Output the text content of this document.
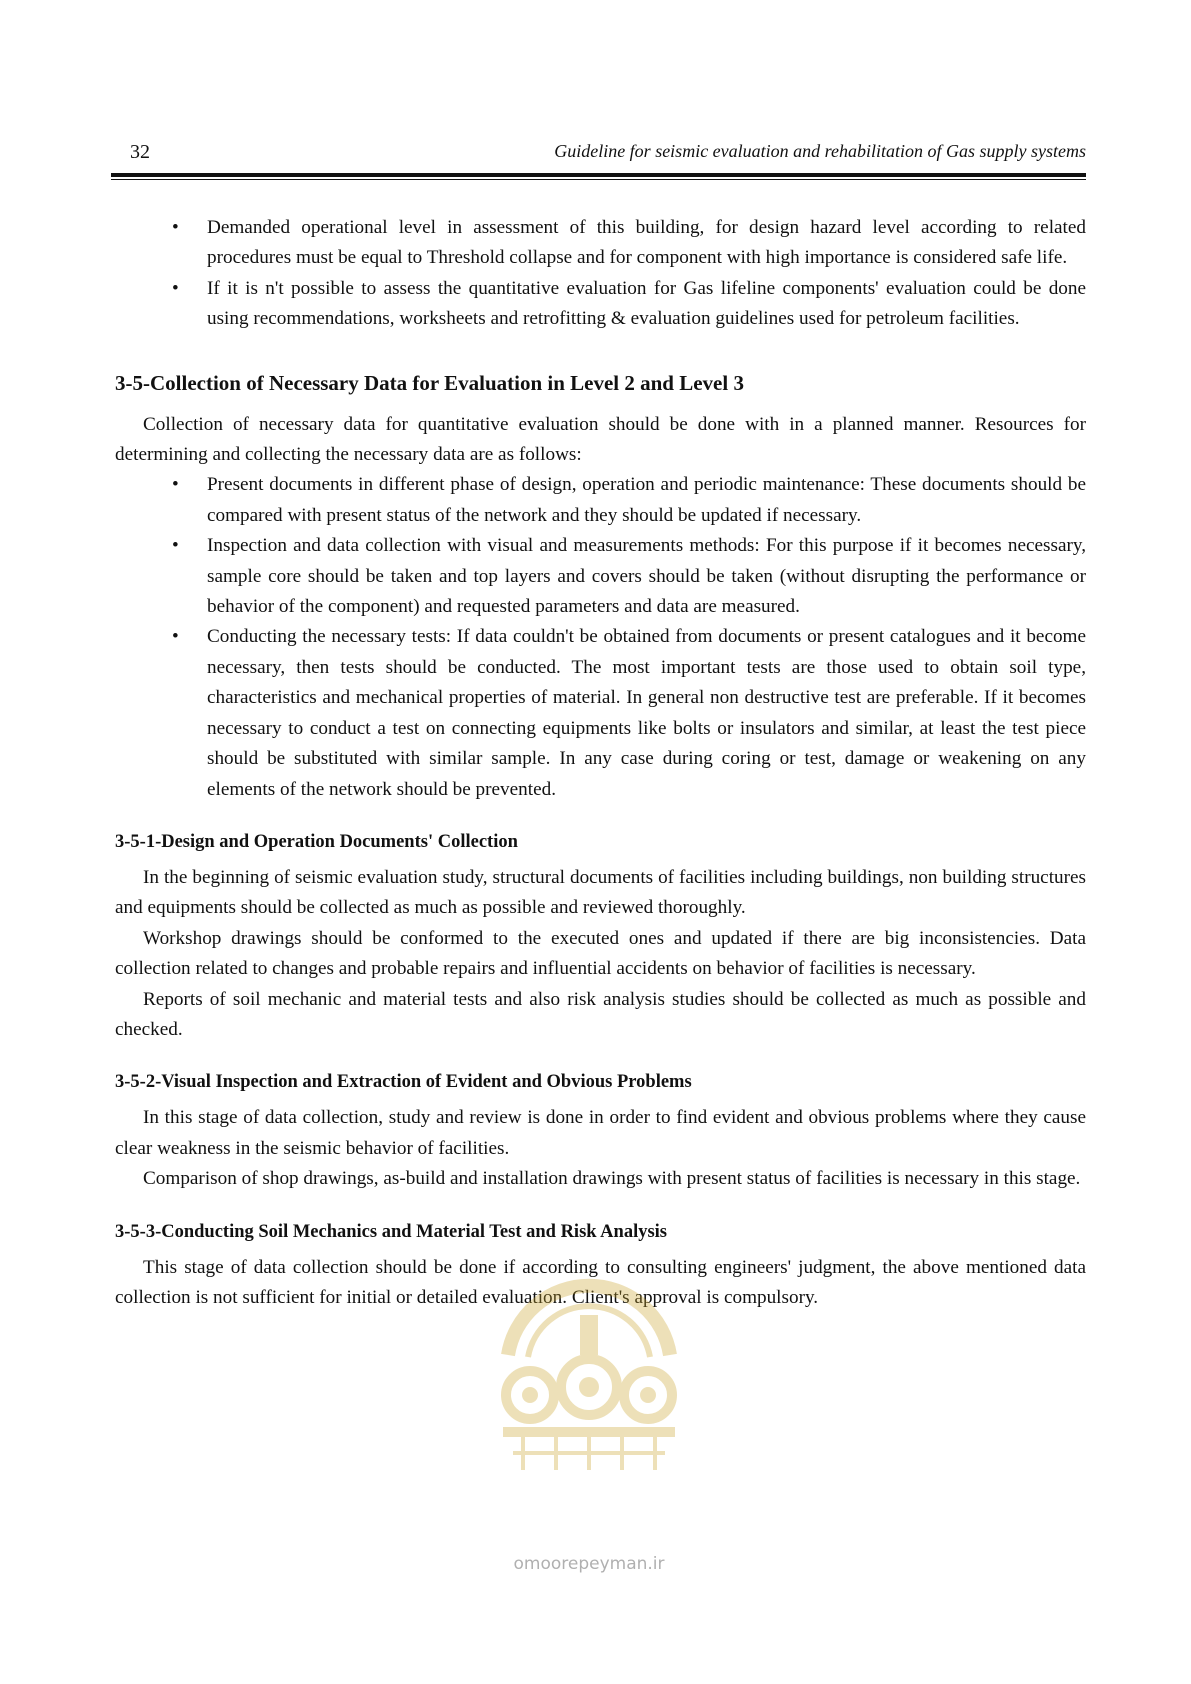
32	Guideline for seismic evaluation and rehabilitation of Gas supply systems
• Demanded operational level in assessment of this building, for design hazard level according to related procedures must be equal to Threshold collapse and for component with high importance is considered safe life.
• If it is n't possible to assess the quantitative evaluation for Gas lifeline components' evaluation could be done using recommendations, worksheets and retrofitting & evaluation guidelines used for petroleum facilities.
3-5-Collection of Necessary Data for Evaluation in Level 2 and Level 3

Collection of necessary data for quantitative evaluation should be done with in a planned manner. Resources for determining and collecting the necessary data are as follows:

• Present documents in different phase of design, operation and periodic maintenance: These documents should be compared with present status of the network and they should be updated if necessary.
• Inspection and data collection with visual and measurements methods: For this purpose if it becomes necessary, sample core should be taken and top layers and covers should be taken (without disrupting the performance or behavior of the component) and requested parameters and data are measured.
• Conducting the necessary tests: If data couldn't be obtained from documents or present catalogues and it become necessary, then tests should be conducted. The most important tests are those used to obtain soil type, characteristics and mechanical properties of material. In general non destructive test are preferable. If it becomes necessary to conduct a test on connecting equipments like bolts or insulators and similar, at least the test piece should be substituted with similar sample. In any case during coring or test, damage or weakening on any elements of the network should be prevented.
3-5-1-Design and Operation Documents' Collection

In the beginning of seismic evaluation study, structural documents of facilities including buildings, non building structures and equipments should be collected as much as possible and reviewed thoroughly.

Workshop drawings should be conformed to the executed ones and updated if there are big inconsistencies. Data collection related to changes and probable repairs and influential accidents on behavior of facilities is necessary.

Reports of soil mechanic and material tests and also risk analysis studies should be collected as much as possible and checked.

3-5-2-Visual Inspection and Extraction of Evident and Obvious Problems

In this stage of data collection, study and review is done in order to find evident and obvious problems where they cause clear weakness in the seismic behavior of facilities.

Comparison of shop drawings, as-build and installation drawings with present status of facilities is necessary in this stage.

3-5-3-Conducting Soil Mechanics and Material Test and Risk Analysis

This stage of data collection should be done if according to consulting engineers' judgment, the above mentioned data collection is not sufficient for initial or detailed evaluation. Client's approval is compulsory.

omoorepeyman.ir
